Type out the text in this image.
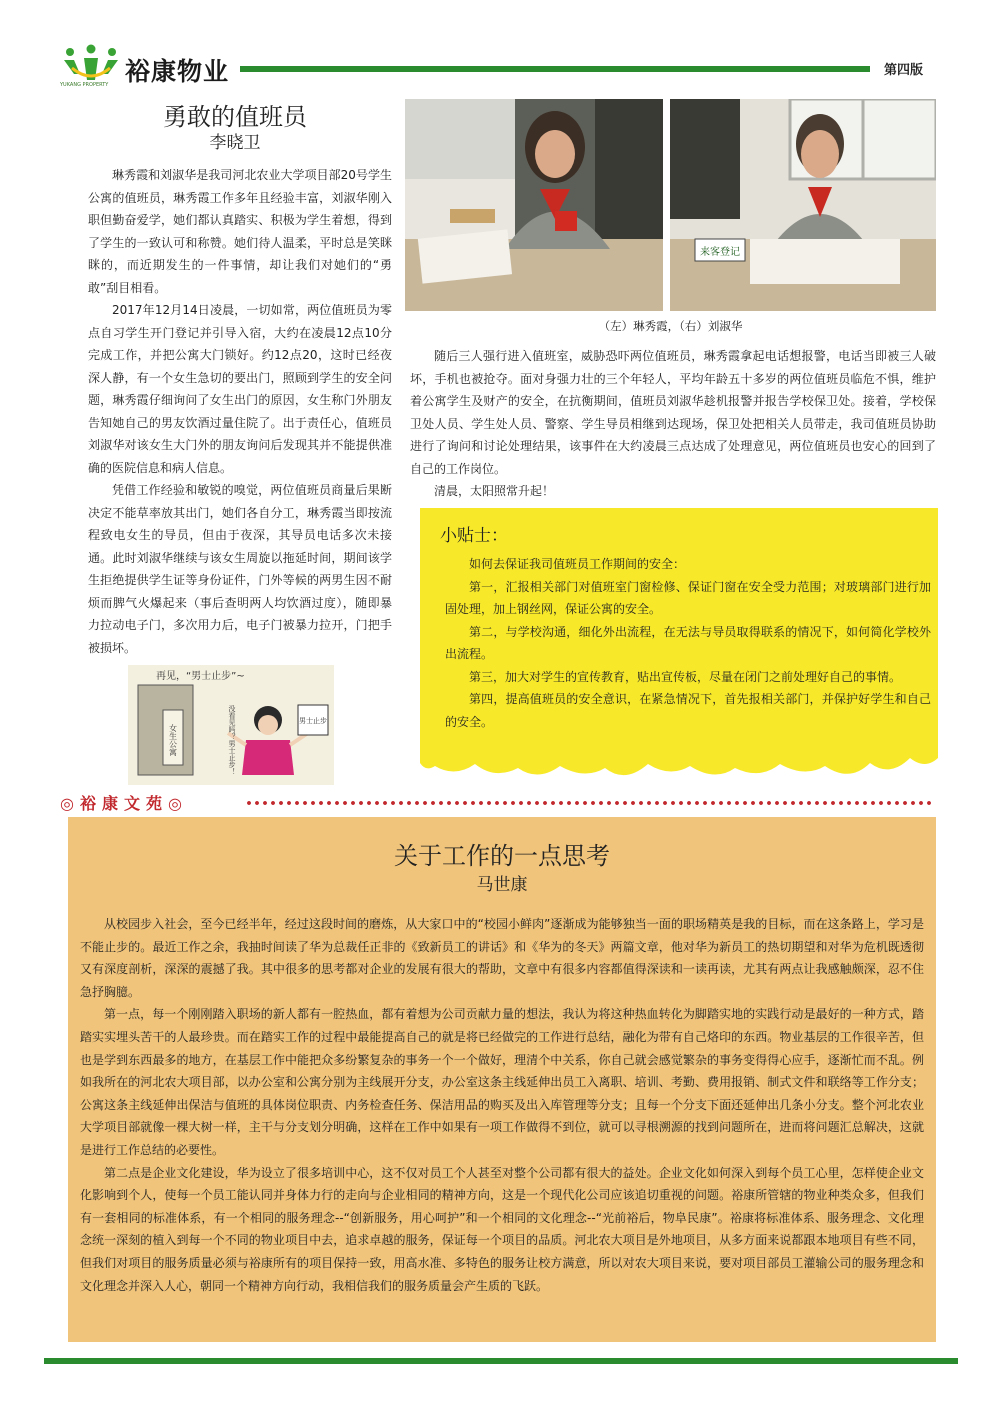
裕康物业
YUKANG PROPERTY
第四版
勇敢的值班员
李晓卫

琳秀霞和刘淑华是我司河北农业大学项目部20号学生公寓的值班员，琳秀霞工作多年且经验丰富，刘淑华刚入职但勤奋爱学，她们都认真踏实、积极为学生着想，得到了学生的一致认可和称赞。她们待人温柔，平时总是笑眯眯的，而近期发生的一件事情，却让我们对她们的“勇敢”刮目相看。

2017年12月14日凌晨，一切如常，两位值班员为零点自习学生开门登记并引导入宿，大约在凌晨12点10分完成工作，并把公寓大门锁好。约12点20，这时已经夜深人静，有一个女生急切的要出门，照顾到学生的安全问题，琳秀霞仔细询问了女生出门的原因，女生称门外朋友告知她自己的男友饮酒过量住院了。出于责任心，值班员刘淑华对该女生大门外的朋友询问后发现其并不能提供准确的医院信息和病人信息。

凭借工作经验和敏锐的嗅觉，两位值班员商量后果断决定不能草率放其出门，她们各自分工，琳秀霞当即按流程致电女生的导员，但由于夜深，其导员电话多次未接通。此时刘淑华继续与该女生周旋以拖延时间，期间该学生拒绝提供学生证等身份证件，门外等候的两男生因不耐烦而脾气火爆起来（事后查明两人均饮酒过度），随即暴力拉动电子门，多次用力后，电子门被暴力拉开，门把手被损坏。

来客登记
（左）琳秀霞，（右）刘淑华

随后三人强行进入值班室，威胁恐吓两位值班员，琳秀霞拿起电话想报警，电话当即被三人破坏，手机也被抢夺。面对身强力壮的三个年轻人，平均年龄五十多岁的两位值班员临危不惧，维护着公寓学生及财产的安全，在抗衡期间，值班员刘淑华趁机报警并报告学校保卫处。接着，学校保卫处人员、学生处人员、警察、学生导员相继到达现场，保卫处把相关人员带走，我司值班员协助进行了询问和讨论处理结果，该事件在大约凌晨三点达成了处理意见，两位值班员也安心的回到了自己的工作岗位。

清晨，太阳照常升起！

再见，“男士止步”~
女生公寓
男士止步
没看见吗？男士止步！
小贴士：

如何去保证我司值班员工作期间的安全：

第一，汇报相关部门对值班室门窗检修、保证门窗在安全受力范围；对玻璃部门进行加固处理，加上钢丝网，保证公寓的安全。

第二，与学校沟通，细化外出流程，在无法与导员取得联系的情况下，如何简化学校外出流程。

第三，加大对学生的宣传教育，贴出宣传板，尽量在闭门之前处理好自己的事情。

第四，提高值班员的安全意识，在紧急情况下，首先报相关部门，并保护好学生和自己的安全。

◎裕康文苑◎
关于工作的一点思考
马世康

从校园步入社会，至今已经半年，经过这段时间的磨炼，从大家口中的“校园小鲜肉”逐渐成为能够独当一面的职场精英是我的目标，而在这条路上，学习是不能止步的。最近工作之余，我抽时间读了华为总裁任正非的《致新员工的讲话》和《华为的冬天》两篇文章，他对华为新员工的热切期望和对华为危机既透彻又有深度剖析，深深的震撼了我。其中很多的思考都对企业的发展有很大的帮助，文章中有很多内容都值得深读和一读再读，尤其有两点让我感触颇深，忍不住急抒胸臆。

第一点，每一个刚刚踏入职场的新人都有一腔热血，都有着想为公司贡献力量的想法，我认为将这种热血转化为脚踏实地的实践行动是最好的一种方式，踏踏实实埋头苦干的人最珍贵。而在踏实工作的过程中最能提高自己的就是将已经做完的工作进行总结，融化为带有自己烙印的东西。物业基层的工作很辛苦，但也是学到东西最多的地方，在基层工作中能把众多纷繁复杂的事务一个一个做好，理清个中关系，你自己就会感觉繁杂的事务变得得心应手，逐渐忙而不乱。例如我所在的河北农大项目部，以办公室和公寓分别为主线展开分支，办公室这条主线延伸出员工入离职、培训、考勤、费用报销、制式文件和联络等工作分支；公寓这条主线延伸出保洁与值班的具体岗位职责、内务检查任务、保洁用品的购买及出入库管理等分支；且每一个分支下面还延伸出几条小分支。整个河北农业大学项目部就像一棵大树一样，主干与分支划分明确，这样在工作中如果有一项工作做得不到位，就可以寻根溯源的找到问题所在，进而将问题汇总解决，这就是进行工作总结的必要性。

第二点是企业文化建设，华为设立了很多培训中心，这不仅对员工个人甚至对整个公司都有很大的益处。企业文化如何深入到每个员工心里，怎样使企业文化影响到个人，使每一个员工能认同并身体力行的走向与企业相同的精神方向，这是一个现代化公司应该追切重视的问题。裕康所管辖的物业种类众多，但我们有一套相同的标准体系，有一个相同的服务理念--“创新服务，用心呵护”和一个相同的文化理念--“光前裕后，物阜民康”。裕康将标准体系、服务理念、文化理念统一深刻的植入到每一个不同的物业项目中去，追求卓越的服务，保证每一个项目的品质。河北农大项目是外地项目，从多方面来说都跟本地项目有些不同，但我们对项目的服务质量必须与裕康所有的项目保持一致，用高水准、多特色的服务让校方满意，所以对农大项目来说，要对项目部员工灌输公司的服务理念和文化理念并深入人心，朝同一个精神方向行动，我相信我们的服务质量会产生质的飞跃。
